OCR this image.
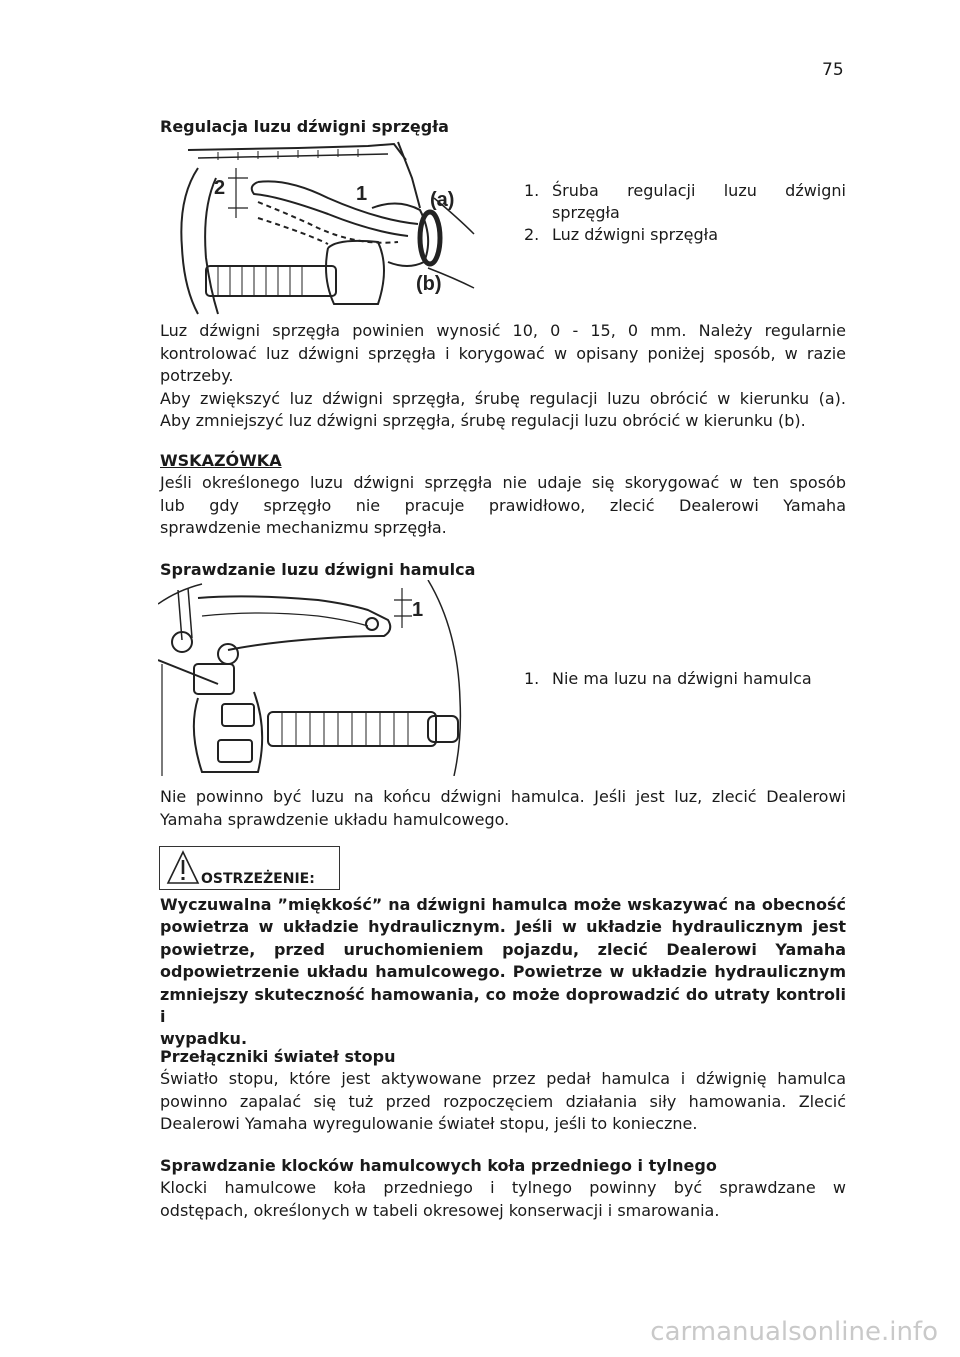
75
Regulacja luzu dźwigni sprzęgła
2	1	(a)
(b)
1. Śruba regulacji luzu dźwigni sprzęgła
2. Luz dźwigni sprzęgła
Luz dźwigni sprzęgła powinien wynosić 10, 0 - 15, 0 mm. Należy regularnie
kontrolować luz dźwigni sprzęgła i korygować w opisany poniżej sposób, w razie
potrzeby.
Aby zwiększyć luz dźwigni sprzęgła, śrubę regulacji luzu obrócić w kierunku (a).
Aby zmniejszyć luz dźwigni sprzęgła, śrubę regulacji luzu obrócić w kierunku (b).
WSKAZÓWKA
Jeśli określonego luzu dźwigni sprzęgła nie udaje się skorygować w ten sposób
lub gdy sprzęgło nie pracuje prawidłowo, zlecić Dealerowi Yamaha
sprawdzenie mechanizmu sprzęgła.
Sprawdzanie luzu dźwigni hamulca
1
1. Nie ma luzu na dźwigni hamulca
Nie powinno być luzu na końcu dźwigni hamulca. Jeśli jest luz, zlecić Dealerowi
Yamaha sprawdzenie układu hamulcowego.
OSTRZEŻENIE:
Wyczuwalna ”miękkość” na dźwigni hamulca może wskazywać na obecność
powietrza w układzie hydraulicznym. Jeśli w układzie hydraulicznym jest
powietrze, przed uruchomieniem pojazdu, zlecić Dealerowi Yamaha
odpowietrzenie układu hamulcowego. Powietrze w układzie hydraulicznym
zmniejszy skuteczność hamowania, co może doprowadzić do utraty kontroli i
wypadku.
Przełączniki świateł stopu
Światło stopu, które jest aktywowane przez pedał hamulca i dźwignię hamulca
powinno zapalać się tuż przed rozpoczęciem działania siły hamowania. Zlecić
Dealerowi Yamaha wyregulowanie świateł stopu, jeśli to konieczne.
Sprawdzanie klocków hamulcowych koła przedniego i tylnego
Klocki hamulcowe koła przedniego i tylnego powinny być sprawdzane w
odstępach, określonych w tabeli okresowej konserwacji i smarowania.
carmanualsonline.info
